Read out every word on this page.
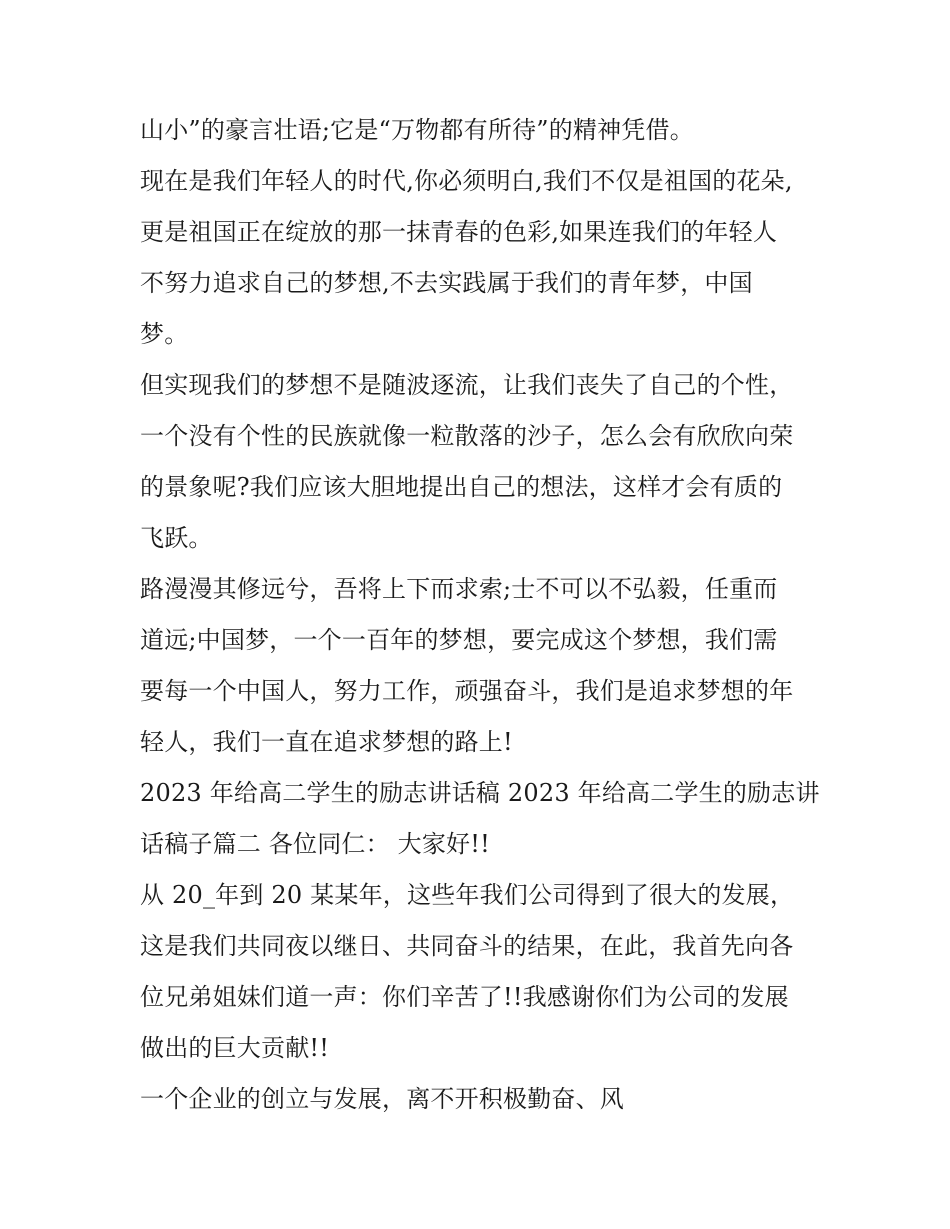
山小”的豪言壮语;它是“万物都有所待”的精神凭借。
现在是我们年轻人的时代,你必须明白,我们不仅是祖国的花朵,
更是祖国正在绽放的那一抹青春的色彩,如果连我们的年轻人
不努力追求自己的梦想,不去实践属于我们的青年梦，中国
梦。
但实现我们的梦想不是随波逐流，让我们丧失了自己的个性，
一个没有个性的民族就像一粒散落的沙子，怎么会有欣欣向荣
的景象呢?我们应该大胆地提出自己的想法，这样才会有质的
飞跃。
路漫漫其修远兮，吾将上下而求索;士不可以不弘毅，任重而
道远;中国梦，一个一百年的梦想，要完成这个梦想，我们需
要每一个中国人，努力工作，顽强奋斗，我们是追求梦想的年
轻人，我们一直在追求梦想的路上!
2023 年给高二学生的励志讲话稿 2023 年给高二学生的励志讲
话稿子篇二 各位同仁： 大家好!!
从 20_年到 20 某某年，这些年我们公司得到了很大的发展，
这是我们共同夜以继日、共同奋斗的结果，在此，我首先向各
位兄弟姐妹们道一声：你们辛苦了!!我感谢你们为公司的发展
做出的巨大贡献!!
一个企业的创立与发展，离不开积极勤奋、风
